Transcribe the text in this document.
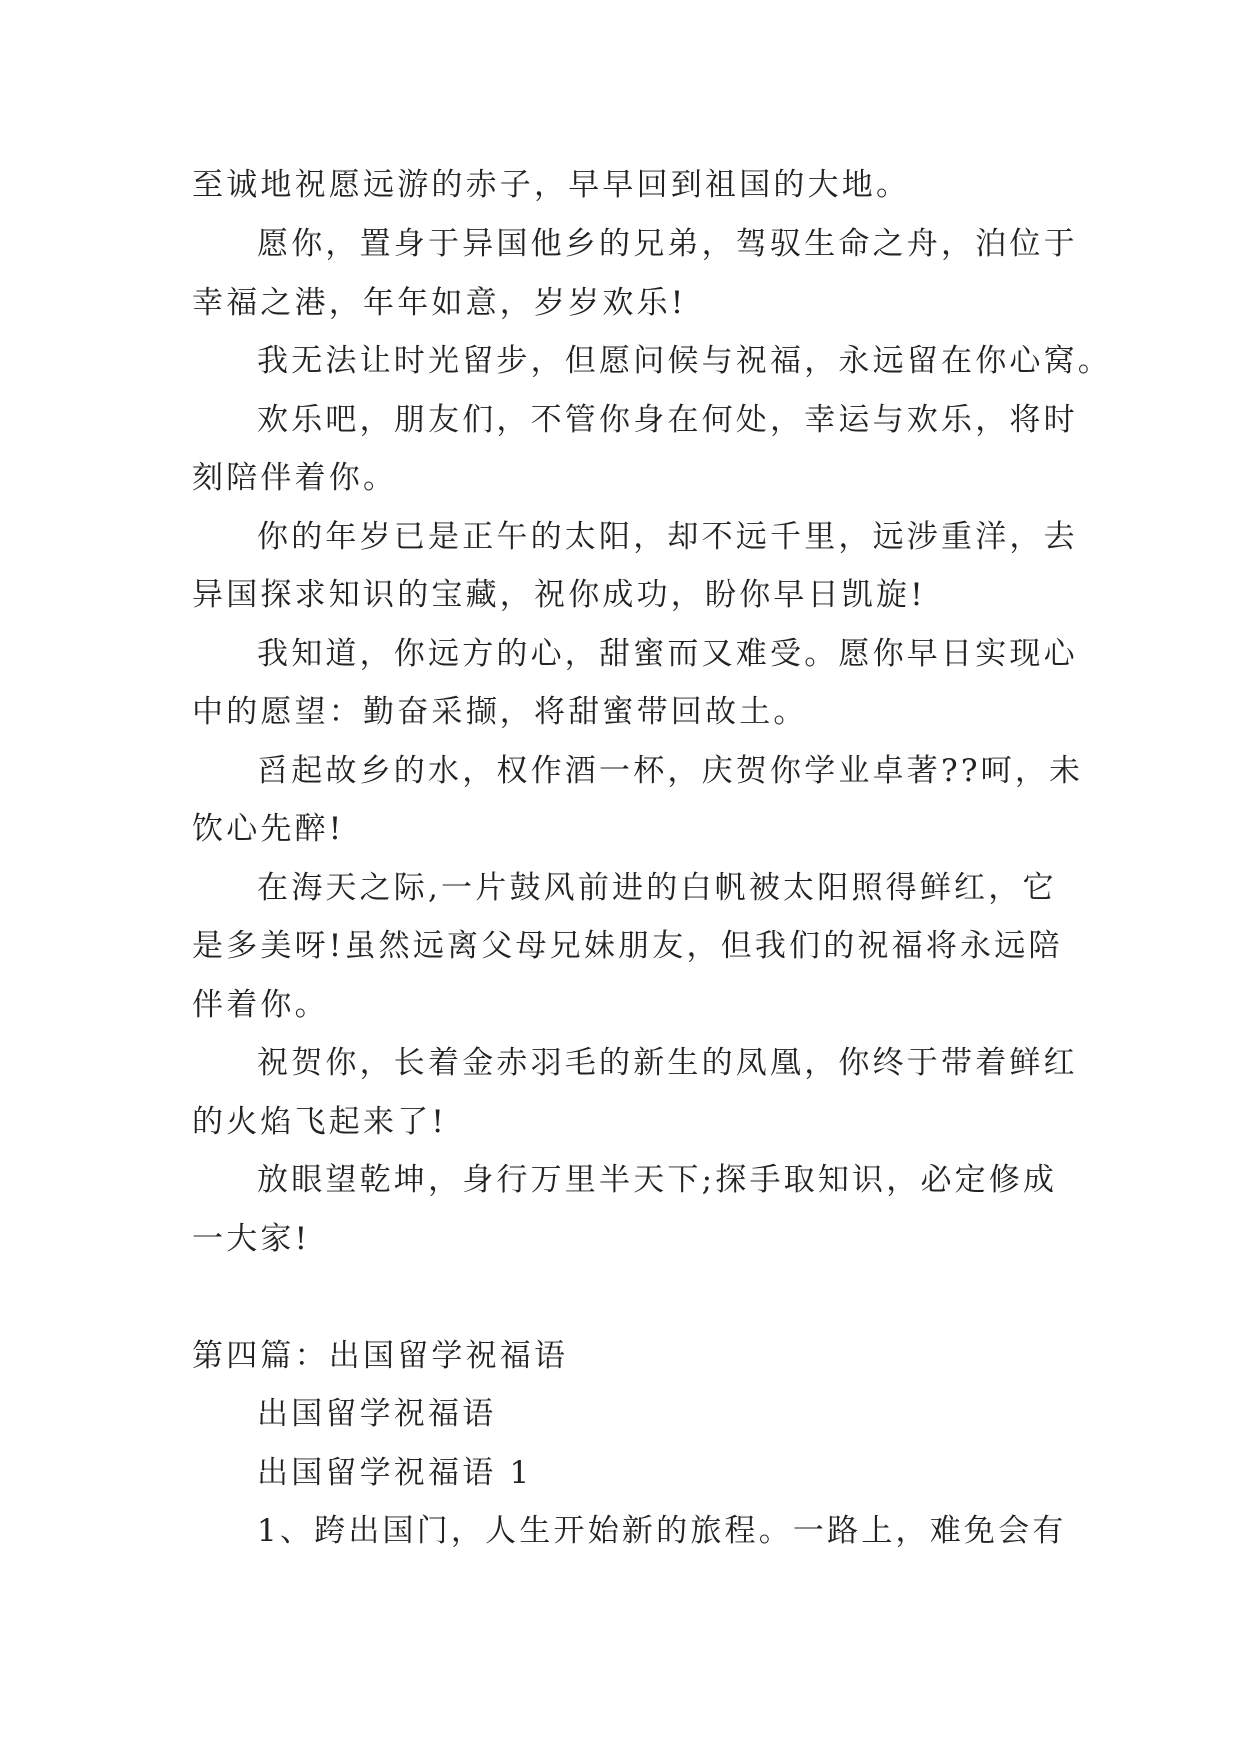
至诚地祝愿远游的赤子，早早回到祖国的大地。
愿你，置身于异国他乡的兄弟，驾驭生命之舟，泊位于
幸福之港，年年如意，岁岁欢乐!
我无法让时光留步，但愿问候与祝福，永远留在你心窝。
欢乐吧，朋友们，不管你身在何处，幸运与欢乐，将时
刻陪伴着你。
你的年岁已是正午的太阳，却不远千里，远涉重洋，去
异国探求知识的宝藏，祝你成功，盼你早日凯旋!
我知道，你远方的心，甜蜜而又难受。愿你早日实现心
中的愿望：勤奋采撷，将甜蜜带回故土。
舀起故乡的水，权作酒一杯，庆贺你学业卓著??呵，未
饮心先醉!
在海天之际,一片鼓风前进的白帆被太阳照得鲜红，它
是多美呀!虽然远离父母兄妹朋友，但我们的祝福将永远陪
伴着你。
祝贺你，长着金赤羽毛的新生的凤凰，你终于带着鲜红
的火焰飞起来了!
放眼望乾坤，身行万里半天下;探手取知识，必定修成
一大家!
第四篇：出国留学祝福语
出国留学祝福语
出国留学祝福语 1
1、跨出国门，人生开始新的旅程。一路上，难免会有
